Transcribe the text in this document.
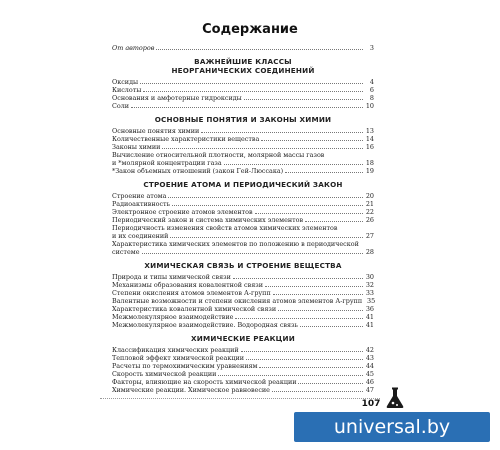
Содержание
От авторов	3
ВАЖНЕЙШИЕ КЛАССЫ
НЕОРГАНИЧЕСКИХ СОЕДИНЕНИЙ
Оксиды	4
Кислоты	6
Основания и амфотерные гидроксиды	8
Соли	10
ОСНОВНЫЕ ПОНЯТИЯ И ЗАКОНЫ ХИМИИ
Основные понятия химии	13
Количественные характеристики вещества	14
Законы химии	16
Вычисление относительной плотности, молярной массы газов
и *молярной концентрации газа	18
*Закон объемных отношений (закон Гей-Люссака)	19
СТРОЕНИЕ АТОМА И ПЕРИОДИЧЕСКИЙ ЗАКОН
Строение атома	20
Радиоактивность	21
Электронное строение атомов элементов	22
Периодический закон и система химических элементов	26
Периодичность изменения свойств атомов химических элементов
и их соединений	27
Характеристика химических элементов по положению в периодической
системе	28
ХИМИЧЕСКАЯ СВЯЗЬ И СТРОЕНИЕ ВЕЩЕСТВА
Природа и типы химической связи	30
Механизмы образования ковалентной связи	32
Степени окисления атомов элементов А-групп	33
Валентные возможности и степени окисления атомов элементов А-групп 35
Характеристика ковалентной химической связи	36
Межмолекулярное взаимодействие	41
Межмолекулярное взаимодействие. Водородная связь	41
ХИМИЧЕСКИЕ РЕАКЦИИ
Классификация химических реакций	42
Тепловой эффект химической реакции	43
Расчеты по термохимическим уравнениям	44
Скорость химической реакции	45
Факторы, влияющие на скорость химической реакции	46
Химические реакции. Химическое равновесие	47
107
universal.by
